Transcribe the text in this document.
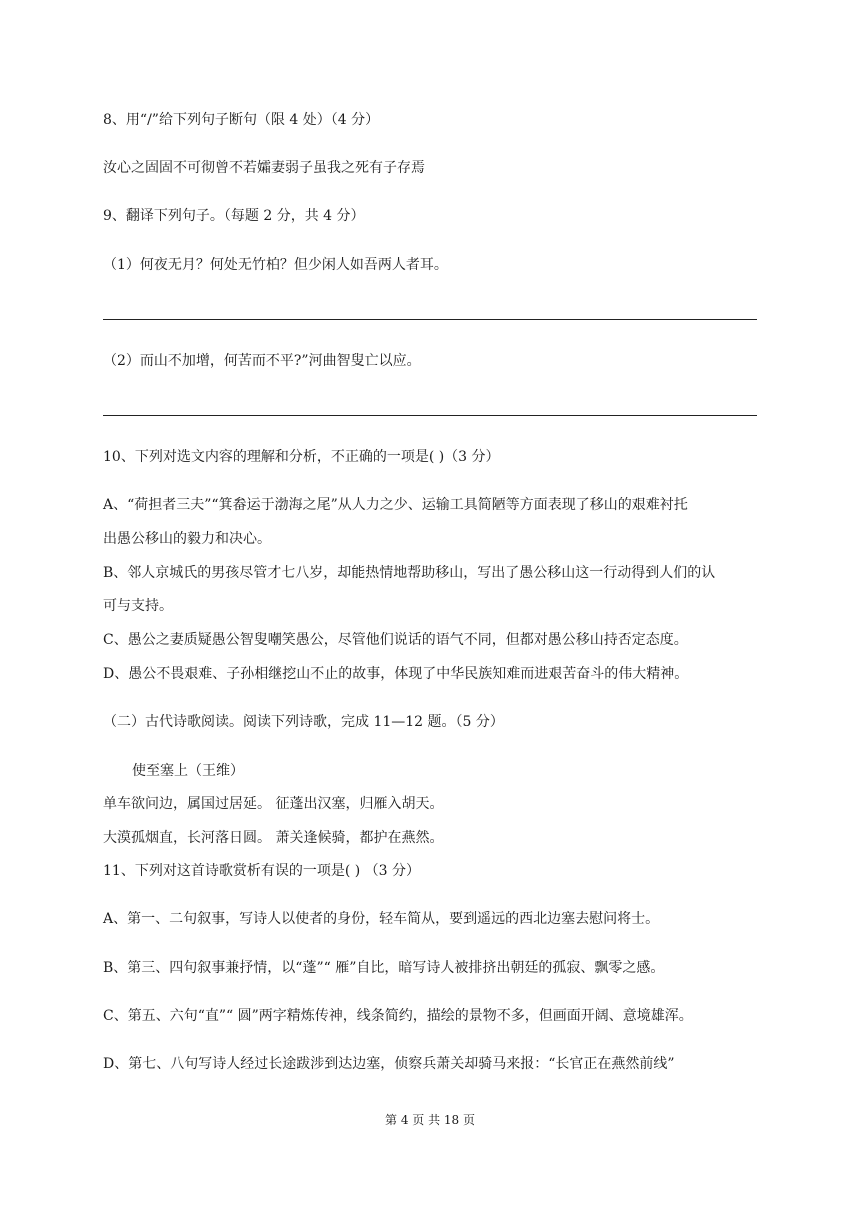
8、用“/”给下列句子断句（限 4 处）（4 分）
汝心之固固不可彻曾不若孀妻弱子虽我之死有子存焉
9、翻译下列句子。（每题 2 分，共 4 分）
（1）何夜无月？何处无竹柏？但少闲人如吾两人者耳。
（2）而山不加增，何苦而不平?”河曲智叟亡以应。
10、下列对选文内容的理解和分析，不正确的一项是( )（3 分）
A、“荷担者三夫”“箕畚运于渤海之尾”从人力之少、运输工具简陋等方面表现了移山的艰难衬托
出愚公移山的毅力和决心。
B、邻人京城氏的男孩尽管才七八岁，却能热情地帮助移山，写出了愚公移山这一行动得到人们的认
可与支持。
C、愚公之妻质疑愚公智叟嘲笑愚公，尽管他们说话的语气不同，但都对愚公移山持否定态度。
D、愚公不畏艰难、子孙相继挖山不止的故事，体现了中华民族知难而进艰苦奋斗的伟大精神。
（二）古代诗歌阅读。阅读下列诗歌，完成 11—12 题。（5 分）
使至塞上（王维）
单车欲问边，属国过居延。 征蓬出汉塞，归雁入胡天。
大漠孤烟直，长河落日圆。 萧关逢候骑，都护在燕然。
11、下列对这首诗歌赏析有误的一项是( ) （3 分）
A、第一、二句叙事，写诗人以使者的身份，轻车简从，要到遥远的西北边塞去慰问将士。
B、第三、四句叙事兼抒情，以“蓬”“ 雁”自比，暗写诗人被排挤出朝廷的孤寂、飘零之感。
C、第五、六句“直”“ 圆”两字精炼传神，线条简约，描绘的景物不多，但画面开阔、意境雄浑。
D、第七、八句写诗人经过长途跋涉到达边塞，侦察兵萧关却骑马来报：“长官正在燕然前线”
第 4 页 共 18 页
